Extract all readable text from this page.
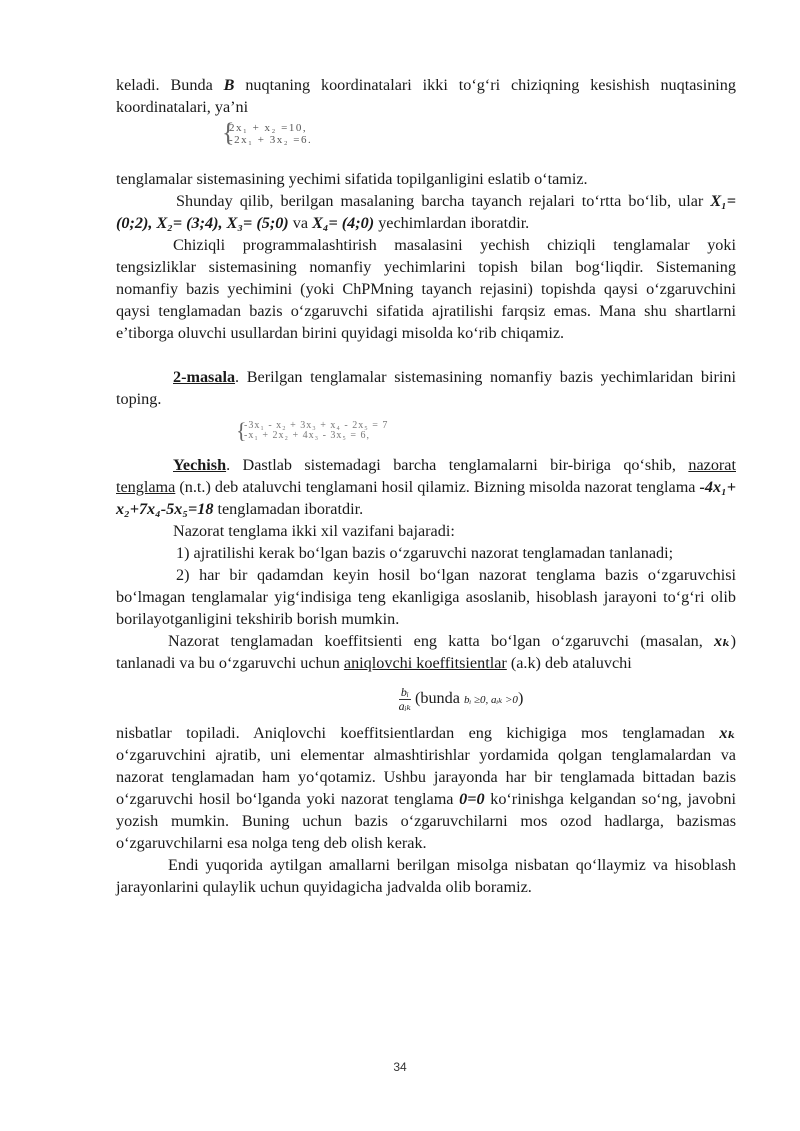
keladi. Bunda B nuqtaning koordinatalari ikki to‘g‘ri chiziqning kesishish nuqtasining koordinatalari, ya’ni

{
2x₁ + x₂ =10,
-2x₁ + 3x₂ =6.

tenglamalar sistemasining yechimi sifatida topilganligini eslatib o‘tamiz.

Shunday qilib, berilgan masalaning barcha tayanch rejalari to‘rtta bo‘lib, ular X₁= (0;2), X₂= (3;4), X₃= (5;0) va X₄= (4;0) yechimlardan iboratdir.

Chiziqli programmalashtirish masalasini yechish chiziqli tenglamalar yoki tengsizliklar sistemasining nomanfiy yechimlarini topish bilan bog‘liqdir. Sistemaning nomanfiy bazis yechimini (yoki ChPMning tayanch rejasini) topishda qaysi o‘zgaruvchini qaysi tenglamadan bazis o‘zgaruvchi sifatida ajratilishi farqsiz emas. Mana shu shartlarni e’tiborga oluvchi usullardan birini quyidagi misolda ko‘rib chiqamiz.

2-masala. Berilgan tenglamalar sistemasining nomanfiy bazis yechimlaridan birini toping.

{
-3x₁ - x₂ + 3x₃ + x₄ - 2x₅ = 7
-x₁ + 2x₂ + 4x₃ - 3x₅ = 6,

Yechish. Dastlab sistemadagi barcha tenglamalarni bir-biriga qo‘shib, nazorat tenglama (n.t.) deb ataluvchi tenglamani hosil qilamiz. Bizning misolda nazorat tenglama -4x₁+ x₂+7x₄-5x₅=18 tenglamadan iboratdir.

Nazorat tenglama ikki xil vazifani bajaradi:

1) ajratilishi kerak bo‘lgan bazis o‘zgaruvchi nazorat tenglamadan tanlanadi;

2) har bir qadamdan keyin hosil bo‘lgan nazorat tenglama bazis o‘zgaruvchisi bo‘lmagan tenglamalar yig‘indisiga teng ekanligiga asoslanib, hisoblash jarayoni to‘g‘ri olib borilayotganligini tekshirib borish mumkin.

Nazorat tenglamadan koeffitsienti eng katta bo‘lgan o‘zgaruvchi (masalan, xₖ) tanlanadi va bu o‘zgaruvchi uchun aniqlovchi koeffitsientlar (a.k) deb ataluvchi

$\frac{\text{bᵢ}}{\text{aᵢₖ}}$ (bunda bᵢ ≥0, aᵢₖ >0)

nisbatlar topiladi. Aniqlovchi koeffitsientlardan eng kichigiga mos tenglamadan xₖ o‘zgaruvchini ajratib, uni elementar almashtirishlar yordamida qolgan tenglamalardan va nazorat tenglamadan ham yo‘qotamiz. Ushbu jarayonda har bir tenglamada bittadan bazis o‘zgaruvchi hosil bo‘lganda yoki nazorat tenglama 0=0 ko‘rinishga kelgandan so‘ng, javobni yozish mumkin. Buning uchun bazis o‘zgaruvchilarni mos ozod hadlarga, bazismas o‘zgaruvchilarni esa nolga teng deb olish kerak.

Endi yuqorida aytilgan amallarni berilgan misolga nisbatan qo‘llaymiz va hisoblash jarayonlarini qulaylik uchun quyidagicha jadvalda olib boramiz.

34
